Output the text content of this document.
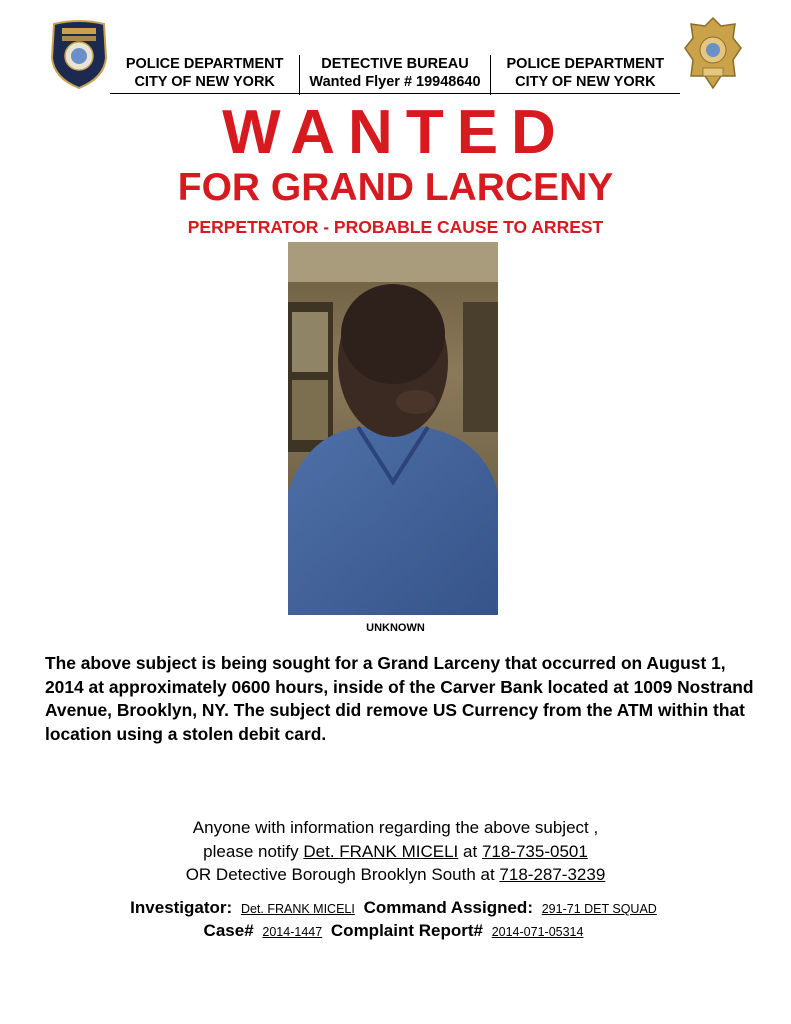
POLICE DEPARTMENT
CITY OF NEW YORK
DETECTIVE BUREAU
Wanted Flyer # 19948640
POLICE DEPARTMENT
CITY OF NEW YORK
WANTED
FOR GRAND LARCENY
PERPETRATOR - PROBABLE CAUSE TO ARREST
UNKNOWN
The above subject is being sought for a Grand Larceny that occurred on August 1, 2014 at approximately 0600 hours, inside of the Carver Bank located at 1009 Nostrand Avenue, Brooklyn, NY. The subject did remove US Currency from the ATM within that location using a stolen debit card.
Anyone with information regarding the above subject ,
please notify Det. FRANK MICELI at 718-735-0501
OR Detective Borough Brooklyn South at 718-287-3239
Investigator: Det. FRANK MICELI Command Assigned: 291-71 DET SQUAD
Case# 2014-1447 Complaint Report# 2014-071-05314
